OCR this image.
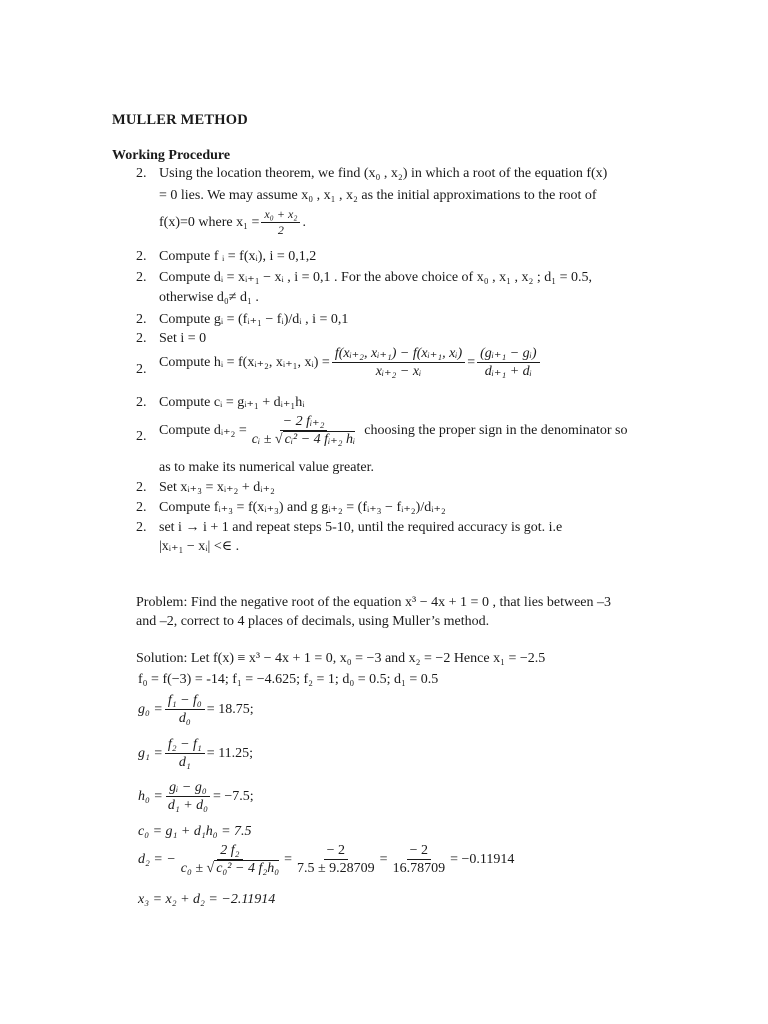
MULLER METHOD
Working Procedure
2. Using the location theorem, we find (x₀ , x₂) in which a root of the equation f(x)
= 0 lies. We may assume x₀ , x₁ , x₂ as the initial approximations to the root of
f(x)=0 where $x_1 = \frac{\text{x₀ + x₂}}{2}$ .
2. Compute f ᵢ = f(xᵢ), i = 0,1,2
2. Compute dᵢ = xᵢ₊₁ − xᵢ , i = 0,1 . For the above choice of x₀ , x₁ , x₂ ; d₁ = 0.5,
otherwise d₀≠ d₁ .
2. Compute gᵢ = (fᵢ₊₁ − fᵢ)/dᵢ , i = 0,1
2. Set i = 0
2. Compute hᵢ = f(xᵢ₊₂, xᵢ₊₁, xᵢ) = $\frac{\text{f(xᵢ₊₂, xᵢ₊₁) − f(xᵢ₊₁, xᵢ)}}{\text{xᵢ₊₂ − xᵢ}} = \frac{\text{(gᵢ₊₁ − gᵢ)}}{\text{dᵢ₊₁ + dᵢ}}$
2. Compute cᵢ = gᵢ₊₁ + dᵢ₊₁hᵢ
2. Compute dᵢ₊₂ = $\frac{\text{− 2 fᵢ₊₂}}{\text{cᵢ ± √ cᵢ² − 4 fᵢ₊₂ hᵢ}}$ choosing the proper sign in the denominator so
as to make its numerical value greater.
2. Set xᵢ₊₃ = xᵢ₊₂ + dᵢ₊₂
2. Compute fᵢ₊₃ = f(xᵢ₊₃) and g gᵢ₊₂ = (fᵢ₊₃ − fᵢ₊₂)/dᵢ₊₂
2. set i → i + 1 and repeat steps 5-10, until the required accuracy is got. i.e
|xᵢ₊₁ − xᵢ| <∈ .
Problem: Find the negative root of the equation x³ − 4x + 1 = 0 , that lies between –3
and –2, correct to 4 places of decimals, using Muller’s method.
Solution: Let f(x) ≡ x³ − 4x + 1 = 0, x₀ = −3 and x₂ = −2 Hence x₁ = −2.5
f₀ = f(−3) = -14; f₁ = −4.625; f₂ = 1; d₀ = 0.5; d₁ = 0.5
$g_0 = \frac{\text{f₁ − f₀}}{\text{d₀}} = 18.75$;
$g_1 = \frac{\text{f₂ − f₁}}{\text{d₁}} = 11.25$;
$h_0 = \frac{\text{gᵢ − g₀}}{\text{d₁ + d₀}} = -7.5$;
c₀ = g₁ + d₁h₀ = 7.5
d₂ = − $\frac{\text{2 f₂}}{\text{c₀ ± √ c₀² − 4 f₂h₀}} = \frac{- 2}{7.5 \pm 9.28709} = \frac{- 2}{16.78709} = -0.11914$
x₃ = x₂ + d₂ = −2.11914
